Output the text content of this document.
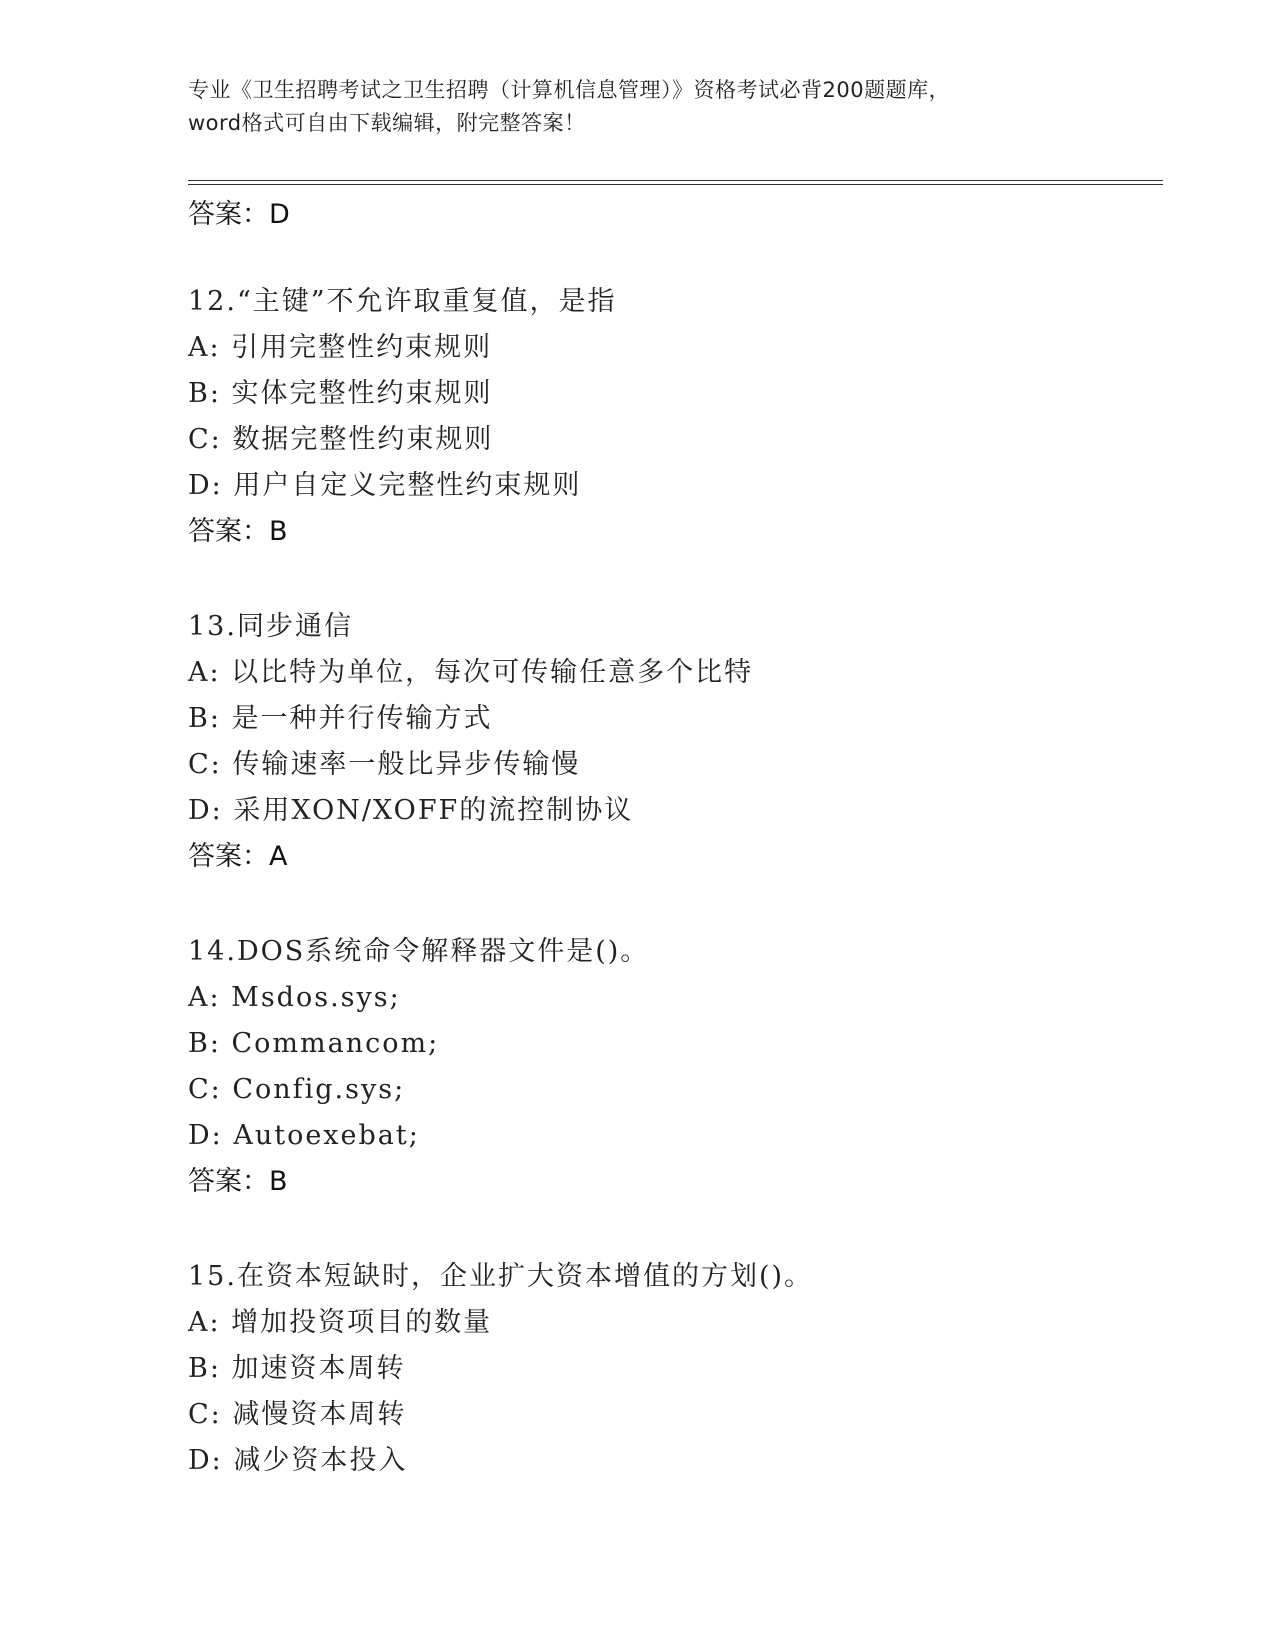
专业《卫生招聘考试之卫生招聘（计算机信息管理）》资格考试必背200题题库，
word格式可自由下载编辑，附完整答案！
答案：D
12.“主键”不允许取重复值，是指
A: 引用完整性约束规则
B: 实体完整性约束规则
C: 数据完整性约束规则
D: 用户自定义完整性约束规则
答案：B
13.同步通信
A: 以比特为单位，每次可传输任意多个比特
B: 是一种并行传输方式
C: 传输速率一般比异步传输慢
D: 采用XON/XOFF的流控制协议
答案：A
14.DOS系统命令解释器文件是()。
A: Msdos.sys;
B: Commancom;
C: Config.sys;
D: Autoexebat;
答案：B
15.在资本短缺时，企业扩大资本增值的方划()。
A: 增加投资项目的数量
B: 加速资本周转
C: 减慢资本周转
D: 减少资本投入
